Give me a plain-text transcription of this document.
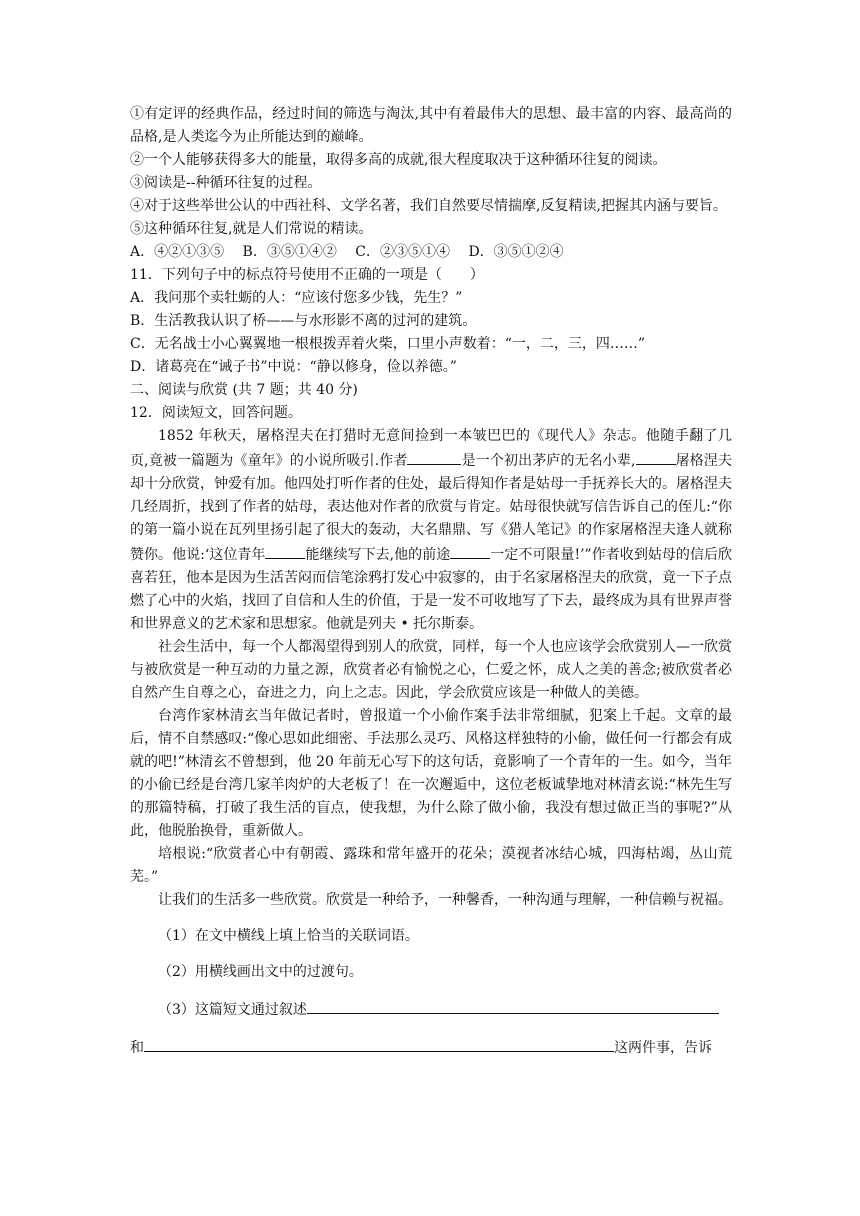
①有定评的经典作品，经过时间的筛选与淘汰,其中有着最伟大的思想、最丰富的内容、最高尚的品格,是人类迄今为止所能达到的巅峰。
②一个人能够获得多大的能量，取得多高的成就,很大程度取决于这种循环往复的阅读。
③阅读是--种循环往复的过程。
④对于这些举世公认的中西社科、文学名著，我们自然要尽情揣摩,反复精读,把握其内涵与要旨。
⑤这种循环往复,就是人们常说的精读。
A．④②①③⑤　 B．③⑤①④②　 C．②③⑤①④　 D．③⑤①②④
11．下列句子中的标点符号使用不正确的一项是（　　）
A．我问那个卖牡蛎的人：“应该付您多少钱，先生？”
B．生活教我认识了桥——与水形影不离的过河的建筑。
C．无名战士小心翼翼地一根根拨弄着火柴，口里小声数着：“一，二，三，四……”
D．诸葛亮在“诫子书”中说：“静以修身，俭以养德。”
二、阅读与欣赏 (共 7 题；共 40 分)
12．阅读短文，回答问题。
1852 年秋天，屠格涅夫在打猎时无意间捡到一本皱巴巴的《现代人》杂志。他随手翻了几页,竟被一篇题为《童年》的小说所吸引.作者	是一个初出茅庐的无名小辈,	屠格涅夫却十分欣赏，钟爱有加。他四处打听作者的住处，最后得知作者是姑母一手抚养长大的。屠格涅夫几经周折，找到了作者的姑母，表达他对作者的欣赏与肯定。姑母很快就写信告诉自己的侄儿:“你的第一篇小说在瓦列里扬引起了很大的轰动，大名鼎鼎、写《猎人笔记》的作家屠格涅夫逢人就称赞你。他说:‘这位青年	能继续写下去,他的前途	一定不可限量!’”作者收到姑母的信后欣喜若狂，他本是因为生活苦闷而信笔涂鸦打发心中寂寥的，由于名家屠格涅夫的欣赏，竟一下子点燃了心中的火焰，找回了自信和人生的价值，于是一发不可收地写了下去，最终成为具有世界声誉和世界意义的艺术家和思想家。他就是列夫 • 托尔斯泰。
社会生活中，每一个人都渴望得到别人的欣赏，同样，每一个人也应该学会欣赏别人—一欣赏与被欣赏是一种互动的力量之源，欣赏者必有愉悦之心，仁爱之怀，成人之美的善念;被欣赏者必自然产生自尊之心，奋进之力，向上之志。因此，学会欣赏应该是一种做人的美德。
台湾作家林清玄当年做记者时，曾报道一个小偷作案手法非常细腻，犯案上千起。文章的最后，情不自禁感叹:“像心思如此细密、手法那么灵巧、风格这样独特的小偷，做任何一行都会有成就的吧!”林清玄不曾想到，他 20 年前无心写下的这句话，竟影响了一个青年的一生。如今，当年的小偷已经是台湾几家羊肉炉的大老板了！在一次邂逅中，这位老板诚挚地对林清玄说:“林先生写的那篇特稿，打破了我生活的盲点，使我想，为什么除了做小偷，我没有想过做正当的事呢?”从此，他脱胎换骨，重新做人。
培根说:“欣赏者心中有朝霞、露珠和常年盛开的花朵；漠视者冰结心城，四海枯竭，丛山荒芜。”
让我们的生活多一些欣赏。欣赏是一种给予，一种馨香，一种沟通与理解，一种信赖与祝福。
（1）在文中横线上填上恰当的关联词语。
（2）用横线画出文中的过渡句。
（3）这篇短文通过叙述
和	这两件事，告诉
